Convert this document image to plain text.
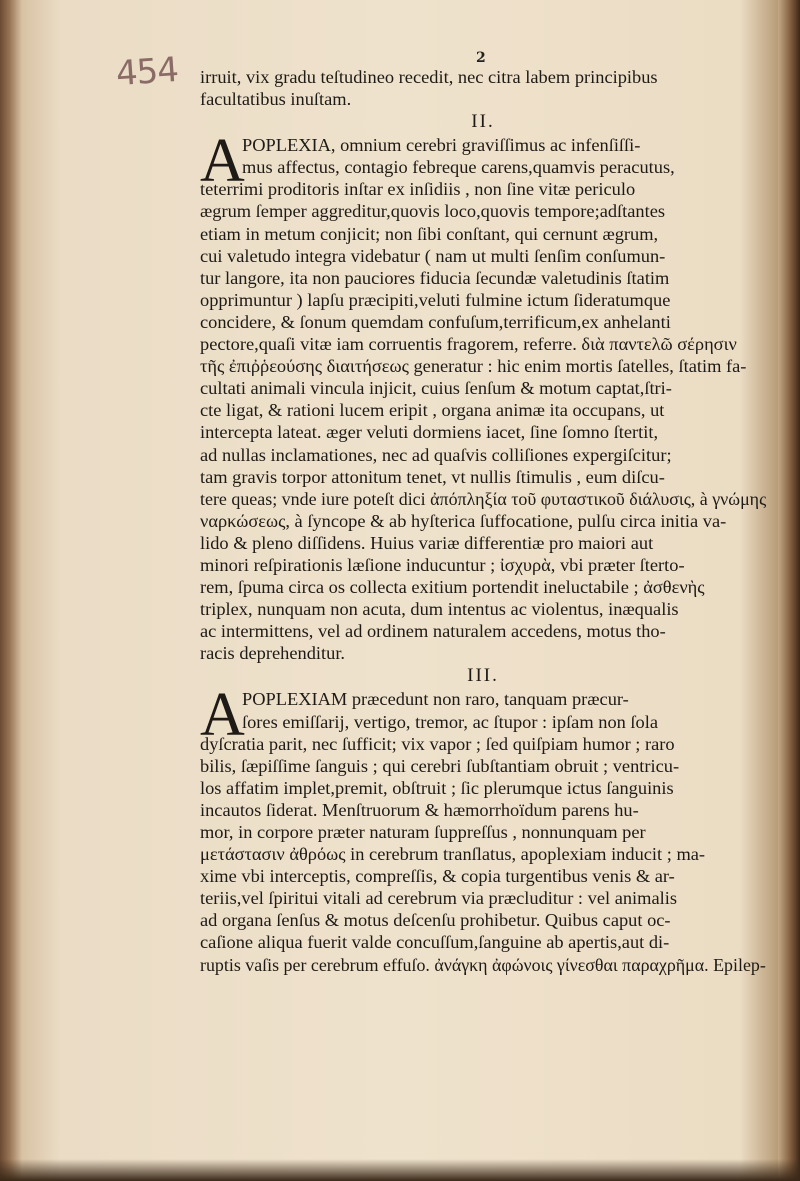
454	2
irruit, vix gradu teſtudineo recedit, nec citra labem principibus
facultatibus inuſtam.
II.
A
POPLEXIA, omnium cerebri graviſſimus ac infenſiſſi-
mus affectus, contagio febreque carens,quamvis peracutus,
teterrimi proditoris inſtar ex inſidiis , non ſine vitæ periculo
ægrum ſemper aggreditur,quovis loco,quovis tempore;adſtantes
etiam in metum conjicit; non ſibi conſtant, qui cernunt ægrum,
cui valetudo integra videbatur ( nam ut multi ſenſim conſumun-
tur langore, ita non pauciores fiducia ſecundæ valetudinis ſtatim
opprimuntur ) lapſu præcipiti,veluti fulmine ictum ſideratumque
concidere, & ſonum quemdam confuſum,terrificum,ex anhelanti
pectore,quaſi vitæ iam corruentis fragorem, referre. διὰ παντελῶ σέρησιν
τῆς ἐπιῤῥεούσης διαιτήσεως generatur : hic enim mortis ſatelles, ſtatim fa-
cultati animali vincula injicit, cuius ſenſum & motum captat,ſtri-
cte ligat, & rationi lucem eripit , organa animæ ita occupans, ut
intercepta lateat. æger veluti dormiens iacet, ſine ſomno ſtertit,
ad nullas inclamationes, nec ad quaſvis colliſiones expergiſcitur;
tam gravis torpor attonitum tenet, vt nullis ſtimulis , eum diſcu-
tere queas; vnde iure poteſt dici ἀπόπληξία τοῦ φυταστικοῦ διάλυσις, à γνώμης
ναρκώσεως, à ſyncope & ab hyſterica ſuffocatione, pulſu circa initia va-
lido & pleno diſſidens. Huius variæ differentiæ pro maiori aut
minori reſpirationis læſione inducuntur ; ἰσχυρὰ, vbi præter ſterto-
rem, ſpuma circa os collecta exitium portendit ineluctabile ; ἀσθενὴς
triplex, nunquam non acuta, dum intentus ac violentus, inæqualis
ac intermittens, vel ad ordinem naturalem accedens, motus tho-
racis deprehenditur.
III.
A
POPLEXIAM præcedunt non raro, tanquam præcur-
ſores emiſſarij, vertigo, tremor, ac ſtupor : ipſam non ſola
dyſcratia parit, nec ſufficit; vix vapor ; ſed quiſpiam humor ; raro
bilis, ſæpiſſime ſanguis ; qui cerebri ſubſtantiam obruit ; ventricu-
los affatim implet,premit, obſtruit ; ſic plerumque ictus ſanguinis
incautos ſiderat. Menſtruorum & hæmorrhoïdum parens hu-
mor, in corpore præter naturam ſuppreſſus , nonnunquam per
μετάστασιν ἀθρόως in cerebrum tranſlatus, apoplexiam inducit ; ma-
xime vbi interceptis, compreſſis, & copia turgentibus venis & ar-
teriis,vel ſpiritui vitali ad cerebrum via præcluditur : vel animalis
ad organa ſenſus & motus deſcenſu prohibetur. Quibus caput oc-
caſione aliqua fuerit valde concuſſum,ſanguine ab apertis,aut di-
ruptis vaſis per cerebrum effuſo. ἀνάγκη ἀφώνοις γίνεσθαι παραχρῆμα. Epilep-
